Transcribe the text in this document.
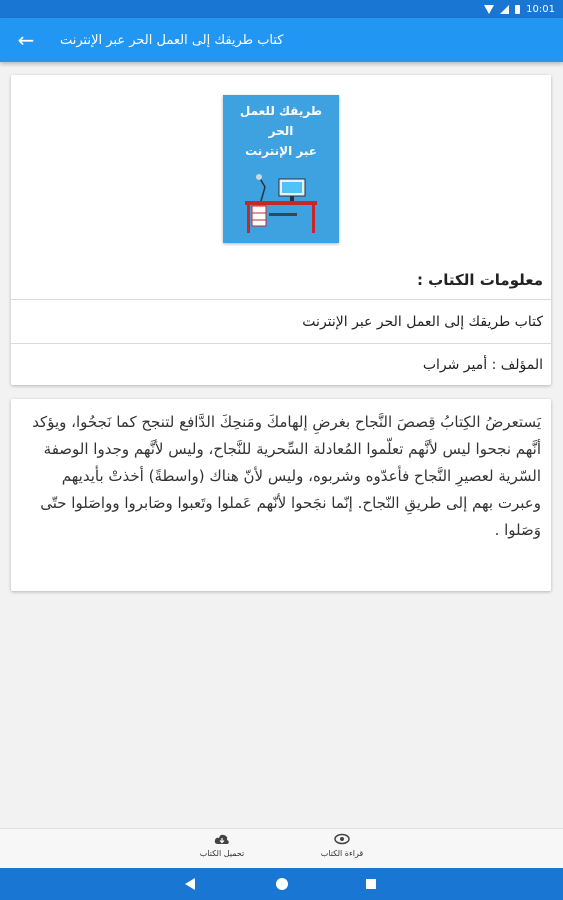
10:01
← كتاب طريقك إلى العمل الحر عبر الإنترنت
طريقك للعمل الحر
عبر الإنترنت
معلومات الكتاب :
كتاب طريقك إلى العمل الحر عبر الإنترنت
المؤلف : أمير شراب
يَستعرضُ الكِتابُ قِصصَ النَّجاح بغرضِ إلهامكَ ومَنحِكَ الدَّافع لتنجح كما نَجحُوا، ويؤكد أنَّهم نجحوا ليس لأنَّهم تعلّموا المُعادلة السِّحرية للنَّجاح، وليس لأنَّهم وجدوا الوصفة السّرية لعصيرِ النَّجاح فأعدّوه وشربوه، وليس لأنّ هناك (واسطةً) أخذتْ بأيديهم وعبرت بهم إلى طريقِ النّجاح. إنّما نجَحوا لأنّهم عَملوا وتَعبوا وصَابروا وواصَلوا حتّى وَصَلوا .
قراءة الكتاب
تحميل الكتاب
